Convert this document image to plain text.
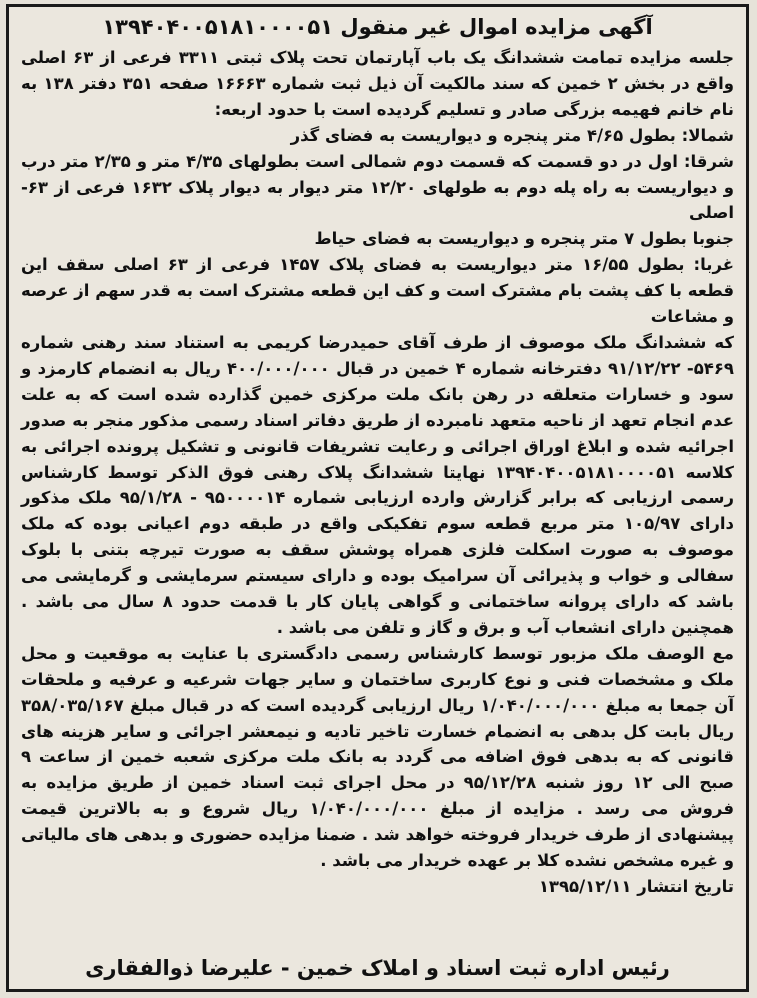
آگهی مزایده اموال غیر منقول ۱۳۹۴۰۴۰۰۵۱۸۱۰۰۰۰۵۱

جلسه مزایده تمامت ششدانگ یک باب آپارتمان تحت پلاک ثبتی ۳۳۱۱ فرعی از ۶۳ اصلی واقع در بخش ۲ خمین که سند مالکیت آن ذیل ثبت شماره ۱۶۶۶۳ صفحه ۳۵۱ دفتر ۱۳۸ به نام خانم فهیمه بزرگی صادر و تسلیم گردیده است با حدود اربعه:

شمالا: بطول ۴/۶۵ متر پنجره و دیواریست به فضای گذر

شرقا: اول در دو قسمت که قسمت دوم شمالی است بطولهای ۴/۳۵ متر و ۲/۳۵ متر درب و دیواریست به راه پله دوم به طولهای ۱۲/۲۰ متر دیوار به دیوار پلاک ۱۶۳۲ فرعی از ۶۳- اصلی

جنوبا بطول ۷ متر پنجره و دیواریست به فضای حیاط

غربا: بطول ۱۶/۵۵ متر دیواریست به فضای پلاک ۱۴۵۷ فرعی از ۶۳ اصلی سقف این قطعه با کف پشت بام مشترک است و کف این قطعه مشترک است به قدر سهم از عرصه و مشاعات

که ششدانگ ملک موصوف از طرف آقای حمیدرضا کریمی به استناد سند رهنی شماره ۵۴۶۹- ۹۱/۱۲/۲۲ دفترخانه شماره ۴ خمین در قبال ۴۰۰/۰۰۰/۰۰۰ ریال به انضمام کارمزد و سود و خسارات متعلقه در رهن بانک ملت مرکزی خمین گذارده شده است که به علت عدم انجام تعهد از ناحیه متعهد نامبرده از طریق دفاتر اسناد رسمی مذکور منجر به صدور اجرائیه شده و ابلاغ اوراق اجرائی و رعایت تشریفات قانونی و تشکیل پرونده اجرائی به کلاسه ۱۳۹۴۰۴۰۰۵۱۸۱۰۰۰۰۵۱ نهایتا ششدانگ پلاک رهنی فوق الذکر توسط کارشناس رسمی ارزیابی که برابر گزارش وارده ارزیابی شماره ۹۵۰۰۰۰۱۴ - ۹۵/۱/۲۸ ملک مذکور دارای ۱۰۵/۹۷ متر مربع قطعه سوم تفکیکی واقع در طبقه دوم اعیانی بوده که ملک موصوف به صورت اسکلت فلزی همراه پوشش سقف به صورت تیرچه بتنی با بلوک سفالی و خواب و پذیرائی آن سرامیک بوده و دارای سیستم سرمایشی و گرمایشی می باشد که دارای پروانه ساختمانی و گواهی پایان کار با قدمت حدود ۸ سال می باشد . همچنین دارای انشعاب آب و برق و گاز و تلفن می باشد .

مع الوصف ملک مزبور توسط کارشناس رسمی دادگستری با عنایت به موقعیت و محل ملک و مشخصات فنی و نوع کاربری ساختمان و سایر جهات شرعیه و عرفیه و ملحقات آن جمعا به مبلغ ۱/۰۴۰/۰۰۰/۰۰۰ ریال ارزیابی گردیده است که در قبال مبلغ ۳۵۸/۰۳۵/۱۶۷ ریال بابت کل بدهی به انضمام خسارت تاخیر تادیه و نیمعشر اجرائی و سایر هزینه های قانونی که به بدهی فوق اضافه می گردد به بانک ملت مرکزی شعبه خمین از ساعت ۹ صبح الی ۱۲ روز شنبه ۹۵/۱۲/۲۸ در محل اجرای ثبت اسناد خمین از طریق مزایده به فروش می رسد . مزایده از مبلغ ۱/۰۴۰/۰۰۰/۰۰۰ ریال شروع و به بالاترین قیمت پیشنهادی از طرف خریدار فروخته خواهد شد . ضمنا مزایده حضوری و بدهی های مالیاتی و غیره مشخص نشده کلا بر عهده خریدار می باشد .

تاریخ انتشار ۱۳۹۵/۱۲/۱۱

رئیس اداره ثبت اسناد و املاک خمین - علیرضا ذوالفقاری
